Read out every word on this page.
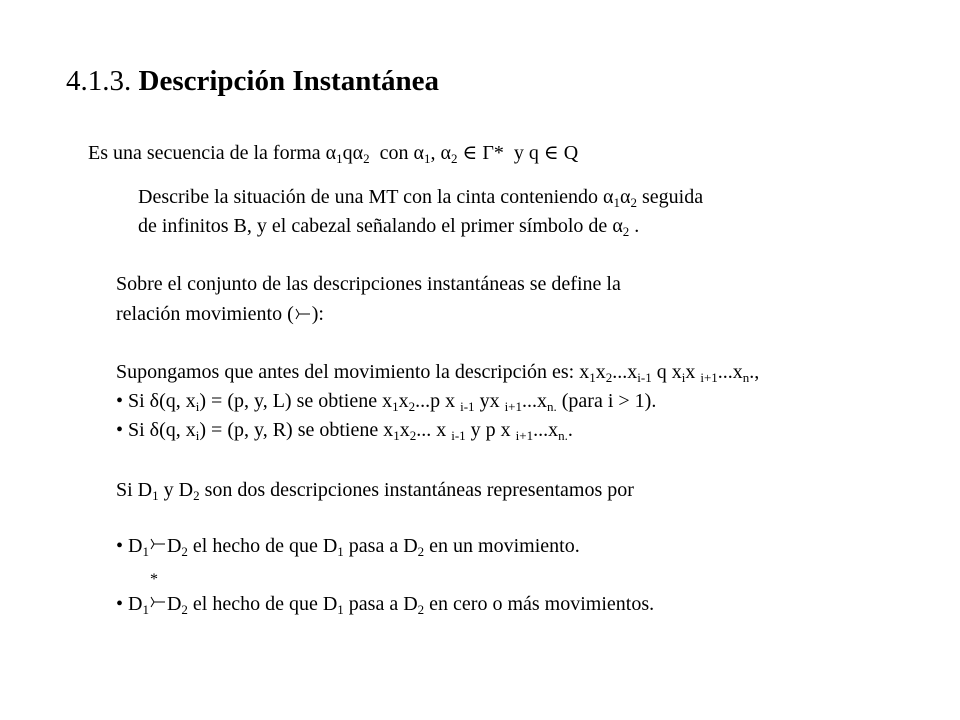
4.1.3. Descripción Instantánea
Es una secuencia de la forma $\alpha_1q\alpha_2$ con $\alpha_1$, $\alpha_2$ ∈ Γ* y q ∈ Q
Describe la situación de una MT con la cinta conteniendo $\alpha_1\alpha_2$ seguida
de infinitos B, y el cabezal señalando el primer símbolo de $\alpha_2$ .
Sobre el conjunto de las descripciones instantáneas se define la
relación movimiento ( ):
Supongamos que antes del movimiento la descripción es: $x_1x_2...x_{i-1}$ q $x_ix$ $_{i+1}...x_n$.,
• Si δ(q, $x_i) = (p$, y, L) se obtiene $x_1x_2...p$ x $_{i-1}$ yx $_{i+1}...x_{n.}$ (para i > 1).
• Si δ(q, $x_i) = (p$, y, R) se obtiene $x_1x_2$... x $_{i-1}$ y p x $_{i+1}...x_{n.}$.
Si $D_1$ y $D_2$ son dos descripciones instantáneas representamos por
• $D_1$ $D_2$ el hecho de que $D_1$ pasa a $D_2$ en un movimiento.
*
• $D_1$ $D_2$ el hecho de que $D_1$ pasa a $D_2$ en cero o más movimientos.
